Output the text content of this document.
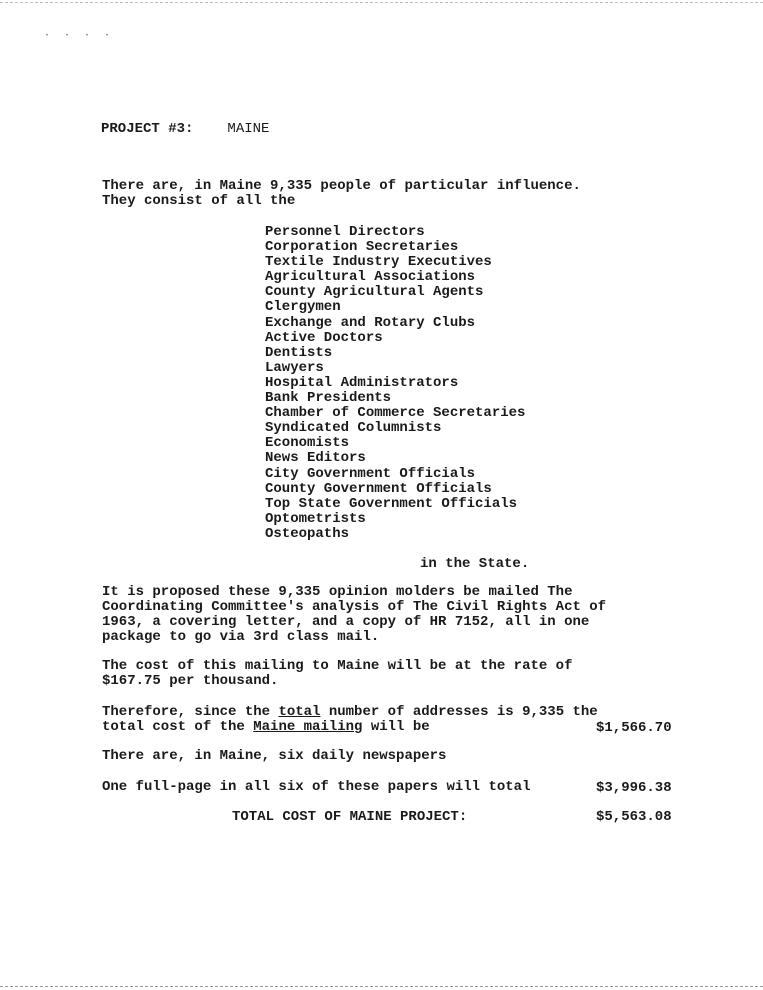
⋅⋅⋅⋅
PROJECT #3: MAINE
There are, in Maine 9,335 people of particular influence.
They consist of all the
Personnel Directors
Corporation Secretaries
Textile Industry Executives
Agricultural Associations
County Agricultural Agents
Clergymen
Exchange and Rotary Clubs
Active Doctors
Dentists
Lawyers
Hospital Administrators
Bank Presidents
Chamber of Commerce Secretaries
Syndicated Columnists
Economists
News Editors
City Government Officials
County Government Officials
Top State Government Officials
Optometrists
Osteopaths
in the State.
It is proposed these 9,335 opinion molders be mailed The
Coordinating Committee's analysis of The Civil Rights Act of
1963, a covering letter, and a copy of HR 7152, all in one
package to go via 3rd class mail.
The cost of this mailing to Maine will be at the rate of
$167.75 per thousand.
Therefore, since the total number of addresses is 9,335 the
total cost of the Maine mailing will be	$1,566.70
There are, in Maine, six daily newspapers
One full-page in all six of these papers will total	$3,996.38
TOTAL COST OF MAINE PROJECT:	$5,563.08
